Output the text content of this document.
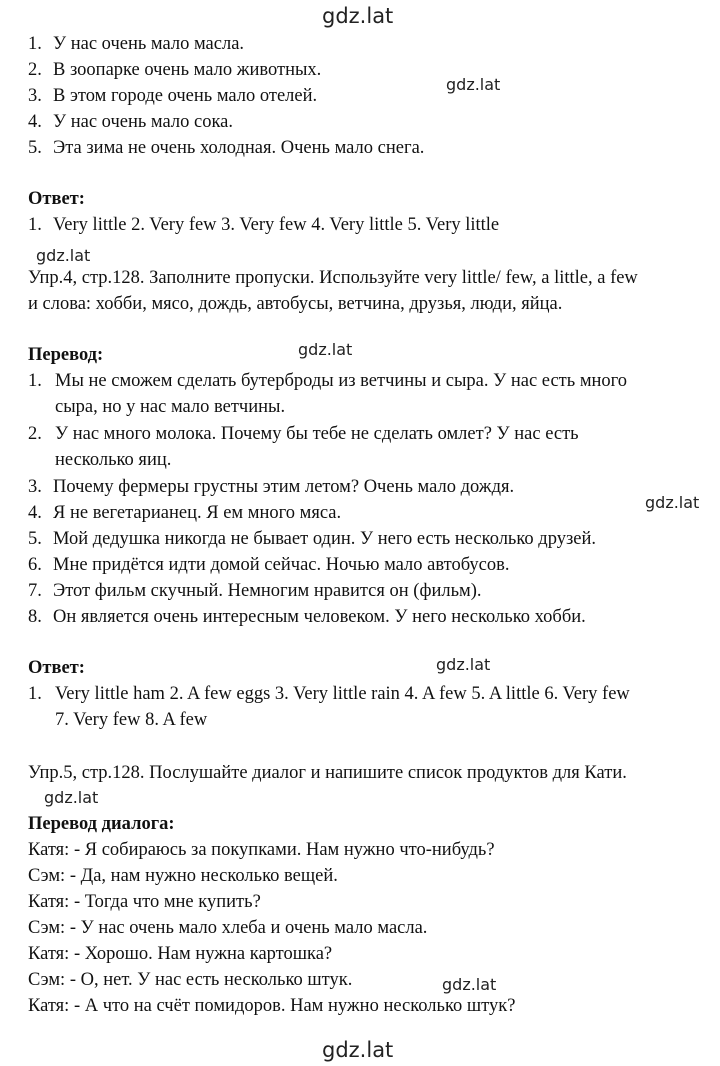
gdz.lat
gdz.lat
gdz.lat
gdz.lat
gdz.lat
gdz.lat
gdz.lat
gdz.lat
gdz.lat
1. У нас очень мало масла.
2. В зоопарке очень мало животных.
3. В этом городе очень мало отелей.
4. У нас очень мало сока.
5. Эта зима не очень холодная. Очень мало снега.
Ответ:
1. Very little 2. Very few 3. Very few 4. Very little 5. Very little
Упр.4, стр.128. Заполните пропуски. Используйте very little/ few, a little, a few
и слова: хобби, мясо, дождь, автобусы, ветчина, друзья, люди, яйца.
Перевод:
1. Мы не сможем сделать бутерброды из ветчины и сыра. У нас есть много
сыра, но у нас мало ветчины.
2. У нас много молока. Почему бы тебе не сделать омлет? У нас есть
несколько яиц.
3. Почему фермеры грустны этим летом? Очень мало дождя.
4. Я не вегетарианец. Я ем много мяса.
5. Мой дедушка никогда не бывает один. У него есть несколько друзей.
6. Мне придётся идти домой сейчас. Ночью мало автобусов.
7. Этот фильм скучный. Немногим нравится он (фильм).
8. Он является очень интересным человеком. У него несколько хобби.
Ответ:
1. Very little ham 2. A few eggs 3. Very little rain 4. A few 5. A little 6. Very few
7. Very few 8. A few
Упр.5, стр.128. Послушайте диалог и напишите список продуктов для Кати.
Перевод диалога:
Катя: - Я собираюсь за покупками. Нам нужно что-нибудь?
Сэм: - Да, нам нужно несколько вещей.
Катя: - Тогда что мне купить?
Сэм: - У нас очень мало хлеба и очень мало масла.
Катя: - Хорошо. Нам нужна картошка?
Сэм: - О, нет. У нас есть несколько штук.
Катя: - А что на счёт помидоров. Нам нужно несколько штук?
